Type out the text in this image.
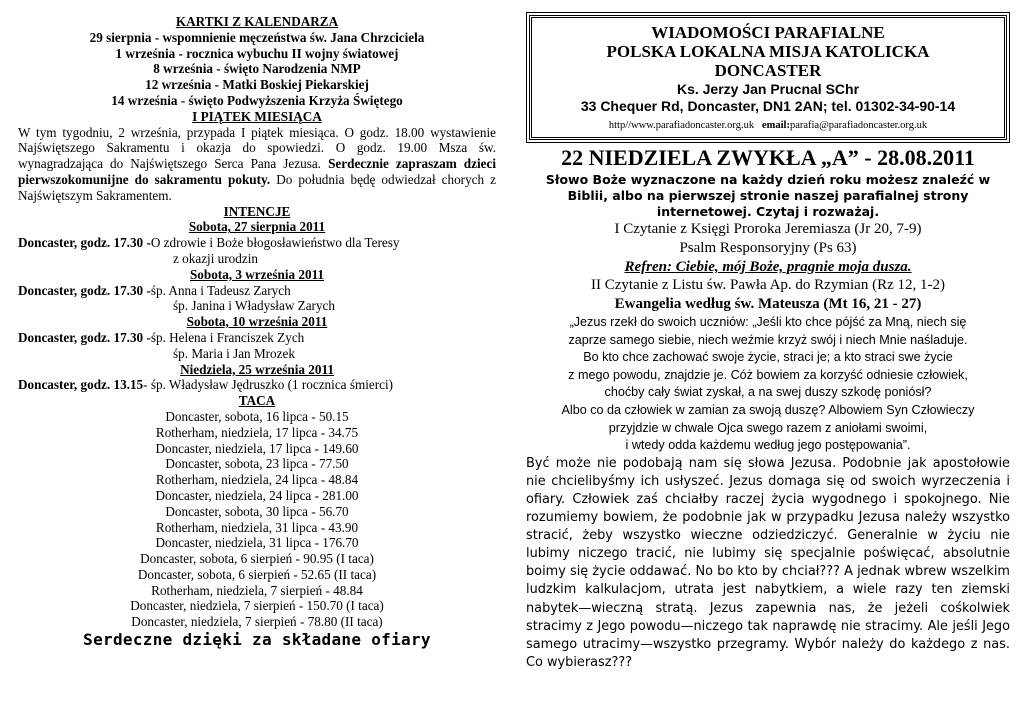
KARTKI Z KALENDARZA
29 sierpnia - wspomnienie męczeństwa św. Jana Chrzciciela
1 września - rocznica wybuchu II wojny światowej
8 września - święto Narodzenia NMP
12 września - Matki Boskiej Piekarskiej
14 września - święto Podwyższenia Krzyża Świętego
I PIĄTEK MIESIĄCA
W tym tygodniu, 2 września, przypada I piątek miesiąca. O godz. 18.00 wystawienie Najświętszego Sakramentu i okazja do spowiedzi. O godz. 19.00 Msza św. wynagradzająca do Najświętszego Serca Pana Jezusa. Serdecznie zapraszam dzieci pierwszokomunijne do sakramentu pokuty. Do południa będę odwiedzał chorych z Najświętszym Sakramentem.
INTENCJE
Sobota, 27 sierpnia 2011
Doncaster, godz. 17.30 - O zdrowie i Boże błogosławieństwo dla Teresy
z okazji urodzin
Sobota, 3 września 2011
Doncaster, godz. 17.30 - śp. Anna i Tadeusz Zarych
śp. Janina i Władysław Zarych
Sobota, 10 września 2011
Doncaster, godz. 17.30 - śp. Helena i Franciszek Zych
śp. Maria i Jan Mrozek
Niedziela, 25 września 2011
Doncaster, godz. 13.15 - śp. Władysław Jędruszko (1 rocznica śmierci)
TACA
Doncaster, sobota, 16 lipca - 50.15
Rotherham, niedziela, 17 lipca - 34.75
Doncaster, niedziela, 17 lipca - 149.60
Doncaster, sobota, 23 lipca - 77.50
Rotherham, niedziela, 24 lipca - 48.84
Doncaster, niedziela, 24 lipca - 281.00
Doncaster, sobota, 30 lipca - 56.70
Rotherham, niedziela, 31 lipca - 43.90
Doncaster, niedziela, 31 lipca - 176.70
Doncaster, sobota, 6 sierpień - 90.95 (I taca)
Doncaster, sobota, 6 sierpień - 52.65 (II taca)
Rotherham, niedziela, 7 sierpień - 48.84
Doncaster, niedziela, 7 sierpień - 150.70 (I taca)
Doncaster, niedziela, 7 sierpień - 78.80 (II taca)
Serdeczne dzięki za składane ofiary
WIADOMOŚCI PARAFIALNE
POLSKA LOKALNA MISJA KATOLICKA
DONCASTER
Ks. Jerzy Jan Prucnal SChr
33 Chequer Rd, Doncaster, DN1 2AN; tel. 01302-34-90-14
http//www.parafiadoncaster.org.uk email:parafia@parafiadoncaster.org.uk
22 NIEDZIELA ZWYKŁA „A” - 28.08.2011
Słowo Boże wyznaczone na każdy dzień roku możesz znaleźć w Biblii, albo na pierwszej stronie naszej parafialnej strony internetowej. Czytaj i rozważaj.
I Czytanie z Księgi Proroka Jeremiasza (Jr 20, 7-9)
Psalm Responsoryjny (Ps 63)
Refren: Ciebie, mój Boże, pragnie moja dusza.
II Czytanie z Listu św. Pawła Ap. do Rzymian (Rz 12, 1-2)
Ewangelia według św. Mateusza (Mt 16, 21 - 27)
„Jezus rzekł do swoich uczniów: „Jeśli kto chce pójść za Mną, niech się
zaprze samego siebie, niech weźmie krzyż swój i niech Mnie naśladuje.
Bo kto chce zachować swoje życie, straci je; a kto straci swe życie
z mego powodu, znajdzie je. Cóż bowiem za korzyść odniesie człowiek,
choćby cały świat zyskał, a na swej duszy szkodę poniósł?
Albo co da człowiek w zamian za swoją duszę? Albowiem Syn Człowieczy
przyjdzie w chwale Ojca swego razem z aniołami swoimi,
i wtedy odda każdemu według jego postępowania”.
Być może nie podobają nam się słowa Jezusa. Podobnie jak apostołowie nie chcielibyśmy ich usłyszeć. Jezus domaga się od swoich wyrzeczenia i ofiary. Człowiek zaś chciałby raczej życia wygodnego i spokojnego. Nie rozumiemy bowiem, że podobnie jak w przypadku Jezusa należy wszystko stracić, żeby wszystko wieczne odziedziczyć. Generalnie w życiu nie lubimy niczego tracić, nie lubimy się specjalnie poświęcać, absolutnie boimy się życie oddawać. No bo kto by chciał??? A jednak wbrew wszelkim ludzkim kalkulacjom, utrata jest nabytkiem, a wiele razy ten ziemski nabytek—wieczną stratą. Jezus zapewnia nas, że jeżeli cośkolwiek stracimy z Jego powodu—niczego tak naprawdę nie stracimy. Ale jeśli Jego samego utracimy—wszystko przegramy. Wybór należy do każdego z nas. Co wybierasz???
